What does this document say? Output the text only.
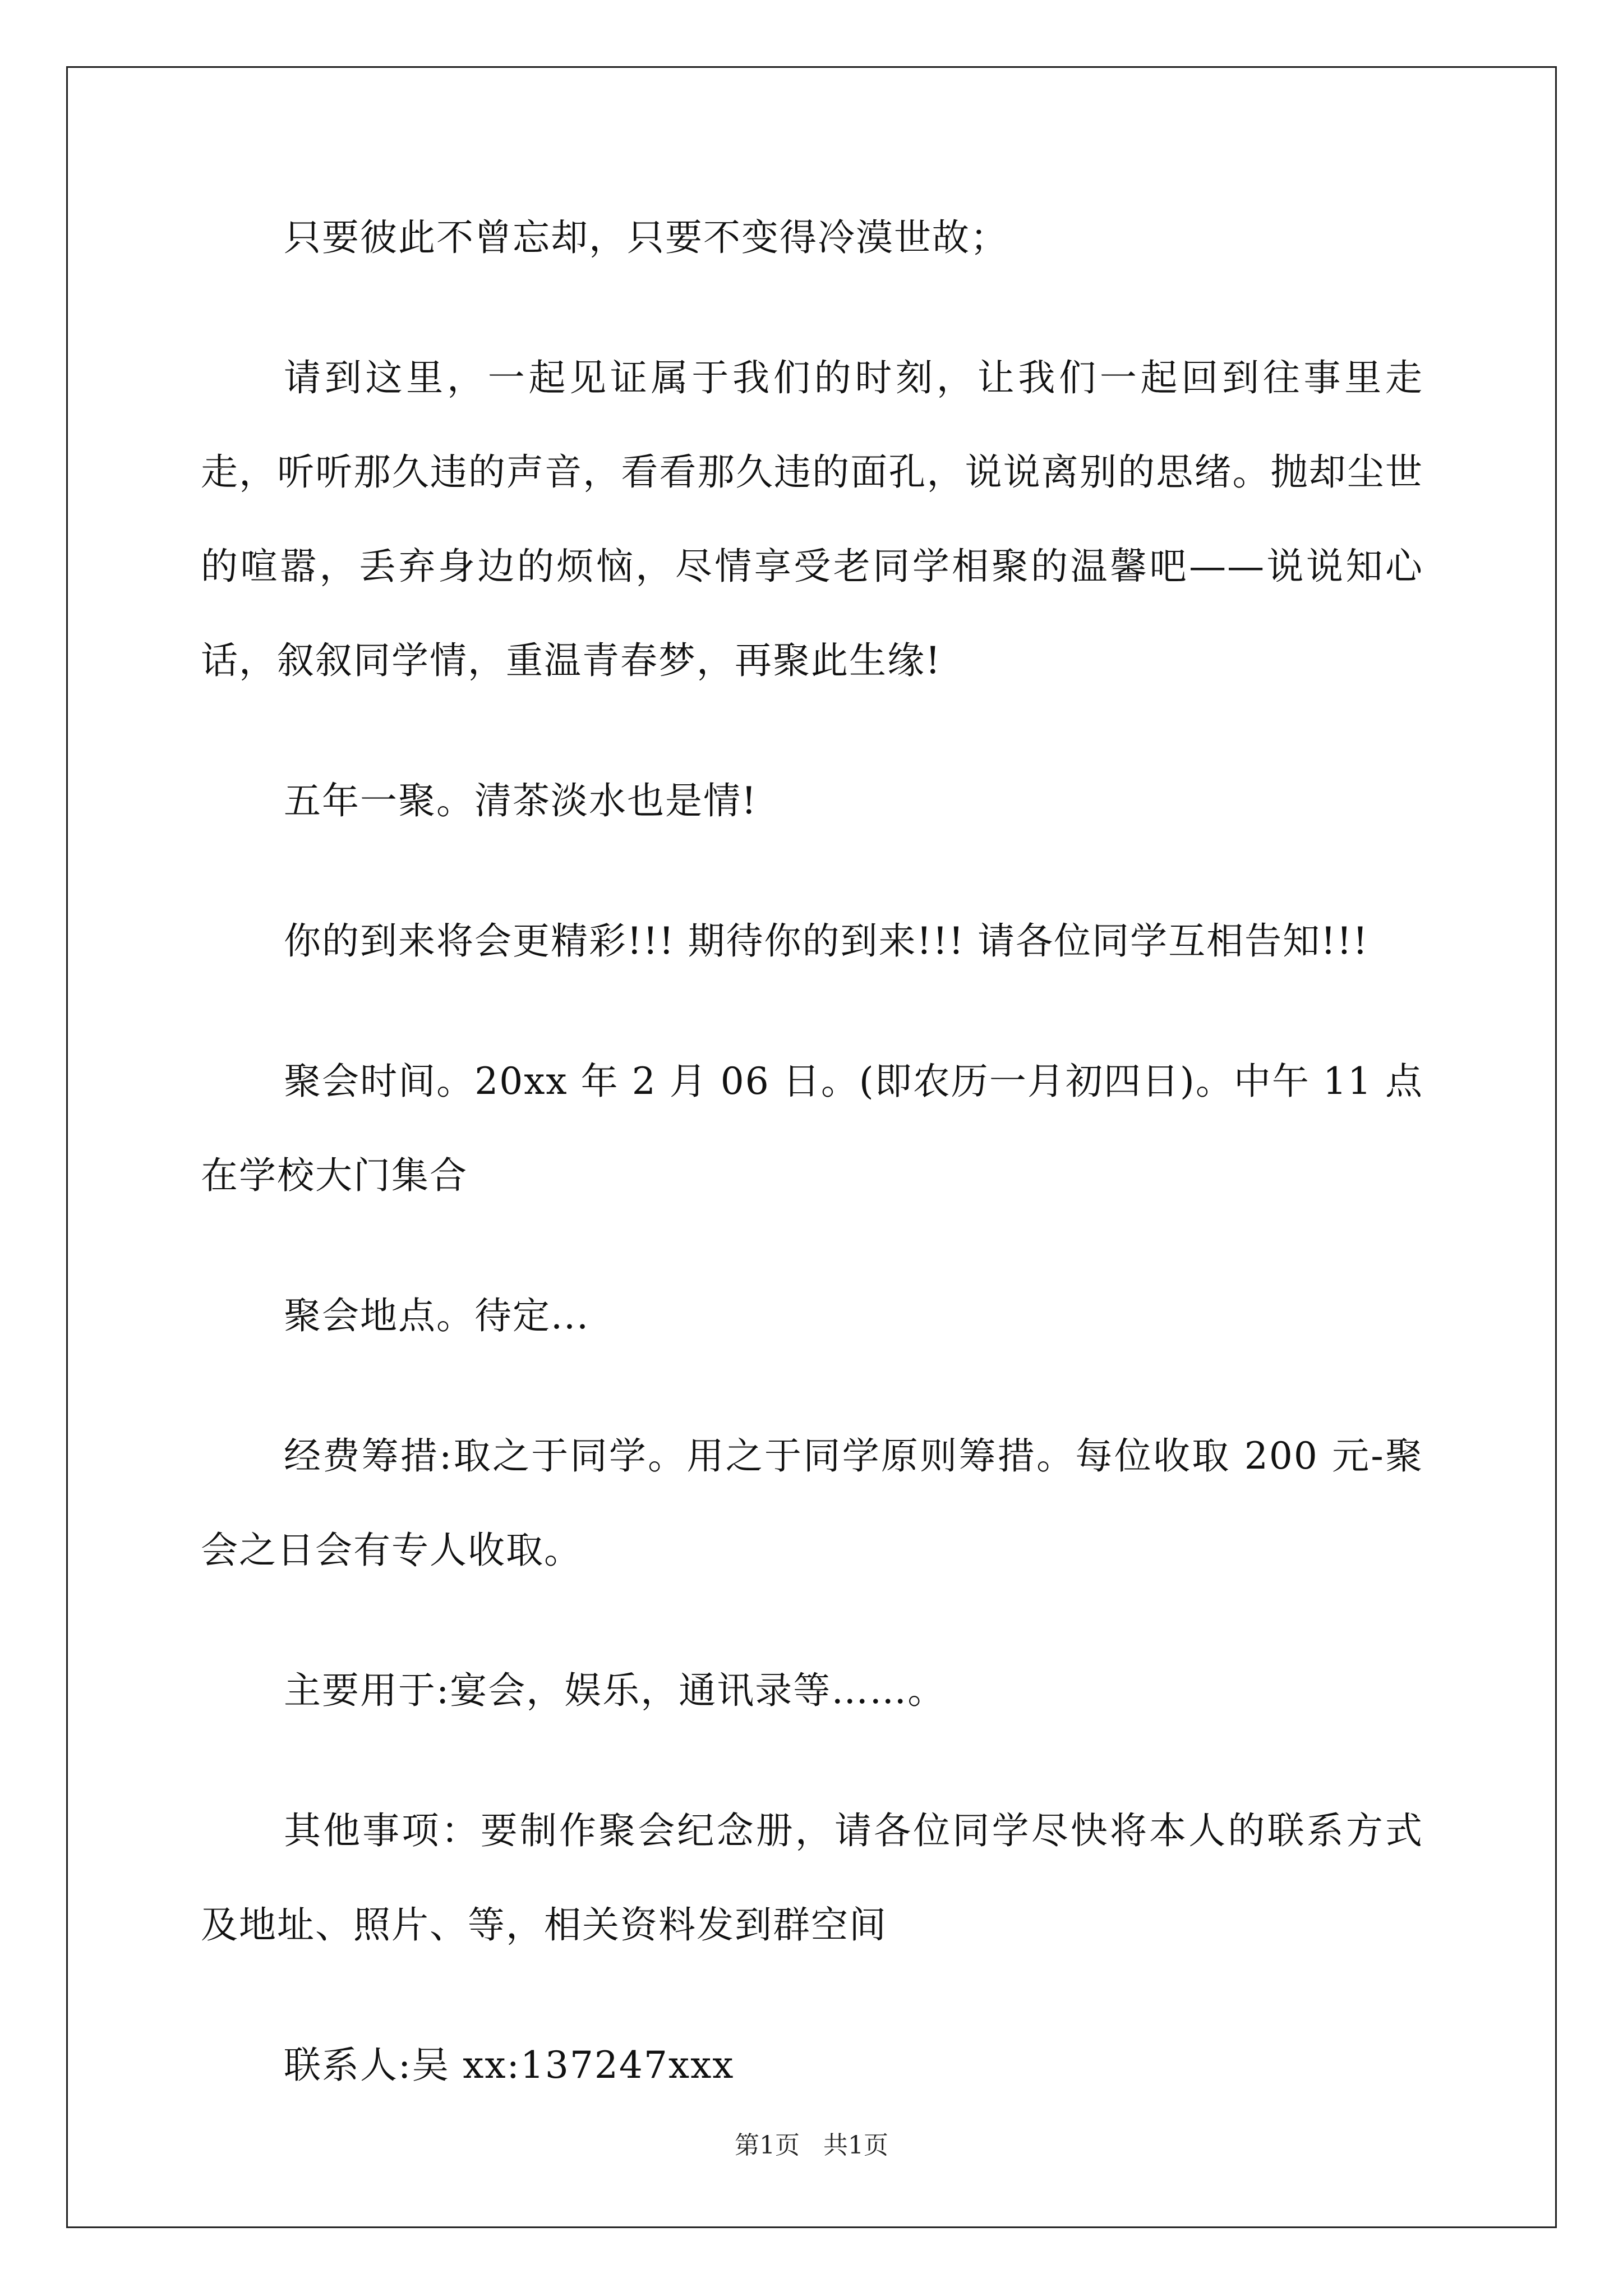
只要彼此不曾忘却，只要不变得冷漠世故；

请到这里，一起见证属于我们的时刻，让我们一起回到往事里走走，听听那久违的声音，看看那久违的面孔，说说离别的思绪。抛却尘世的喧嚣，丢弃身边的烦恼，尽情享受老同学相聚的温馨吧——说说知心话，叙叙同学情，重温青春梦，再聚此生缘!

五年一聚。清茶淡水也是情!

你的到来将会更精彩!!! 期待你的到来!!! 请各位同学互相告知!!!

聚会时间。20xx 年 2 月 06 日。(即农历一月初四日)。中午 11 点在学校大门集合

聚会地点。待定...

经费筹措:取之于同学。用之于同学原则筹措。每位收取 200 元-聚会之日会有专人收取。

主要用于:宴会，娱乐，通讯录等……。

其他事项：要制作聚会纪念册，请各位同学尽快将本人的联系方式及地址、照片、等，相关资料发到群空间

联系人:吴 xx:137247xxx

第1页 共1页
